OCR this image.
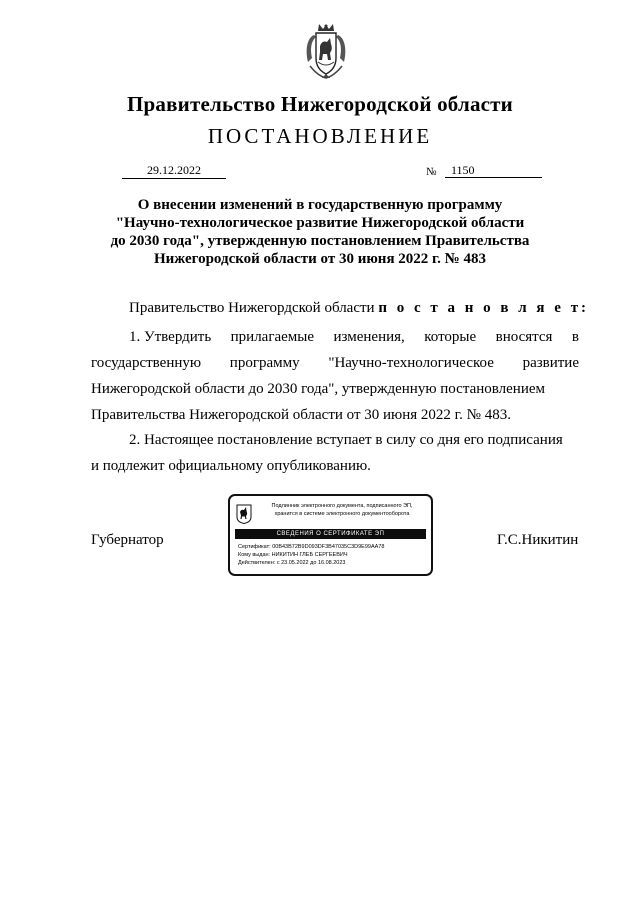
Правительство Нижегородской области
ПОСТАНОВЛЕНИЕ
29.12.2022	№	1150
О внесении изменений в государственную программу
"Научно-технологическое развитие Нижегородской области
до 2030 года", утвержденную постановлением Правительства
Нижегородской области от 30 июня 2022 г. № 483
Правительство Нижегордской области п о с т а н о в л я е т:
1. Утвердить прилагаемые изменения, которые вносятся в
государственную программу "Научно-технологическое развитие
Нижегородской области до 2030 года", утвержденную постановлением
Правительства Нижегородской области от 30 июня 2022 г. № 483.
2. Настоящее постановление вступает в силу со дня его подписания
и подлежит официальному опубликованию.
Губернатор
Подлинник электронного документа, подписанного ЭП,
хранится в системе электронного документооборота
СВЕДЕНИЯ О СЕРТИФИКАТЕ ЭП
Сертификат: 00B43B72B9D093DF3B47035C3D9E99AA78
Кому выдан: НИКИТИН ГЛЕБ СЕРГЕЕВИЧ
Действителен: с 23.05.2022 до 16.08.2023
Г.С.Никитин
